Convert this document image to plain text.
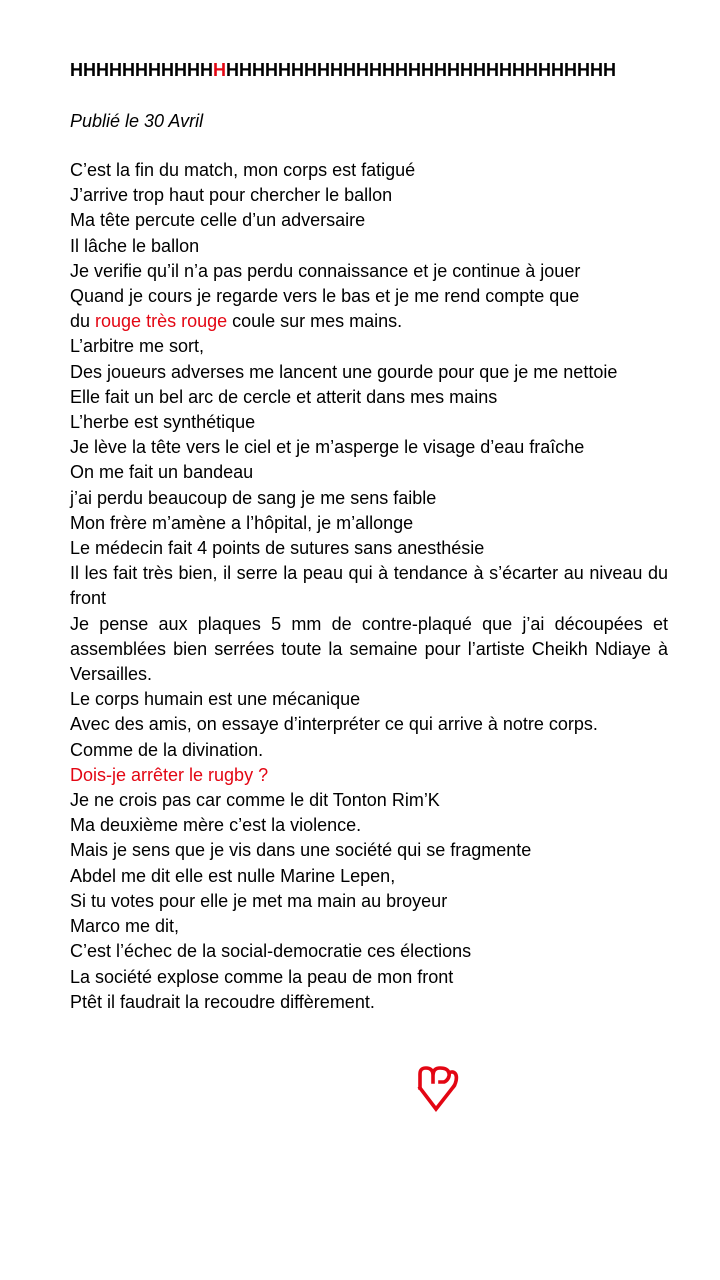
HHHHHHHHHHHHHHHHHHHHHHHHHHHHHHHHHHHHHHHHHH
Publié le 30 Avril
C’est la fin du match, mon corps est fatigué
J’arrive trop haut pour chercher le ballon
Ma tête percute celle d’un adversaire
Il lâche le ballon
Je verifie qu’il n’a pas perdu connaissance et je continue à jouer
Quand je cours je regarde vers le bas et je me rend compte que
du rouge très rouge coule sur mes mains.
L’arbitre me sort,
Des joueurs adverses me lancent une gourde pour que je me nettoie
Elle fait un bel arc de cercle et atterit dans mes mains
L’herbe est synthétique
Je lève la tête vers le ciel et je m’asperge le visage d’eau fraîche
On me fait un bandeau
j’ai perdu beaucoup de sang je me sens faible
Mon frère m’amène a l’hôpital, je m’allonge
Le médecin fait 4 points de sutures sans anesthésie
Il les fait très bien, il serre la peau qui à tendance à s’écarter au niveau du front
Je pense aux plaques 5 mm de contre-plaqué que j’ai découpées et assemblées bien serrées toute la semaine pour l’artiste Cheikh Ndiaye à Versailles.
Le corps humain est une mécanique
Avec des amis, on essaye d’interpréter ce qui arrive à notre corps.
Comme de la divination.
Dois-je arrêter le rugby ?
Je ne crois pas car comme le dit Tonton Rim’K
Ma deuxième mère c’est la violence.
Mais je sens que je vis dans une société qui se fragmente
Abdel me dit elle est nulle Marine Lepen,
Si tu votes pour elle je met ma main au broyeur
Marco me dit,
C’est l’échec de la social-democratie ces élections
La société explose comme la peau de mon front
Ptêt il faudrait la recoudre diffèrement.
